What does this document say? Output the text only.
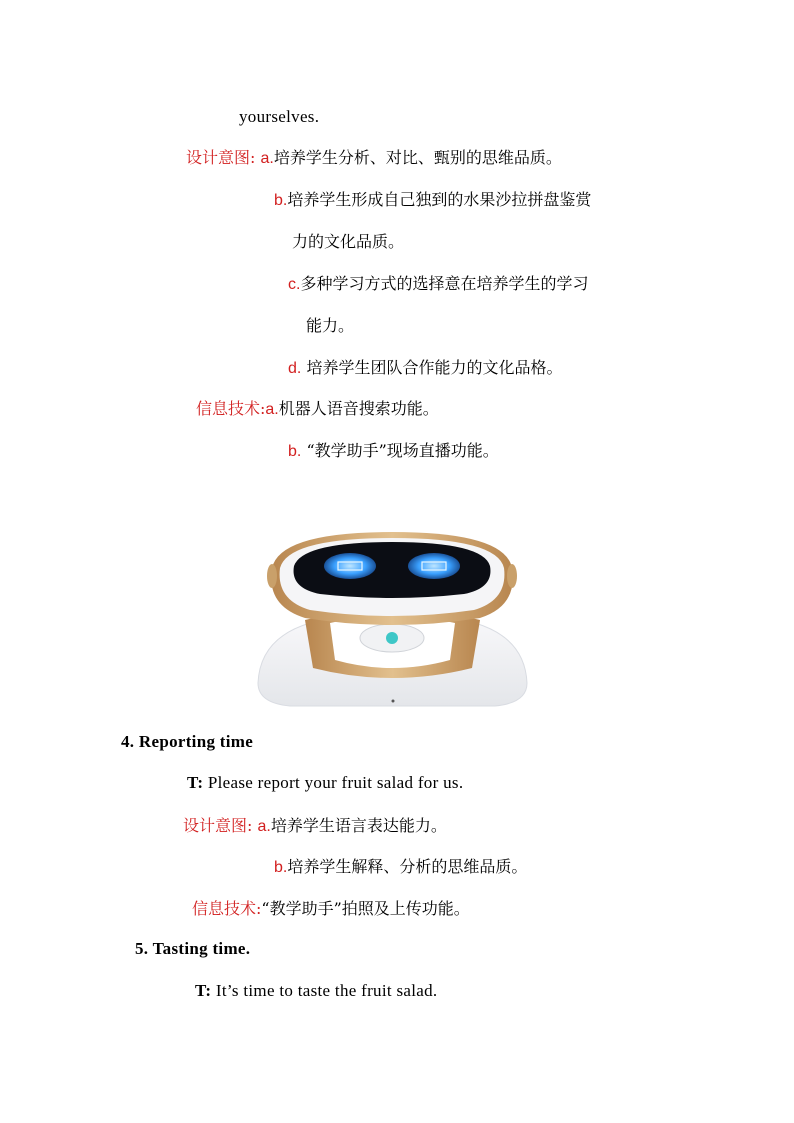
yourselves.
设计意图: a.培养学生分析、对比、甄别的思维品质。
b.培养学生形成自己独到的水果沙拉拼盘鉴赏
力的文化品质。
c.多种学习方式的选择意在培养学生的学习
能力。
d. 培养学生团队合作能力的文化品格。
信息技术:a.机器人语音搜索功能。
b. “教学助手”现场直播功能。
4. Reporting time
T: Please report your fruit salad for us.
设计意图: a.培养学生语言表达能力。
b.培养学生解释、分析的思维品质。
信息技术:“教学助手”拍照及上传功能。
5. Tasting time.
T: It’s time to taste the fruit salad.
